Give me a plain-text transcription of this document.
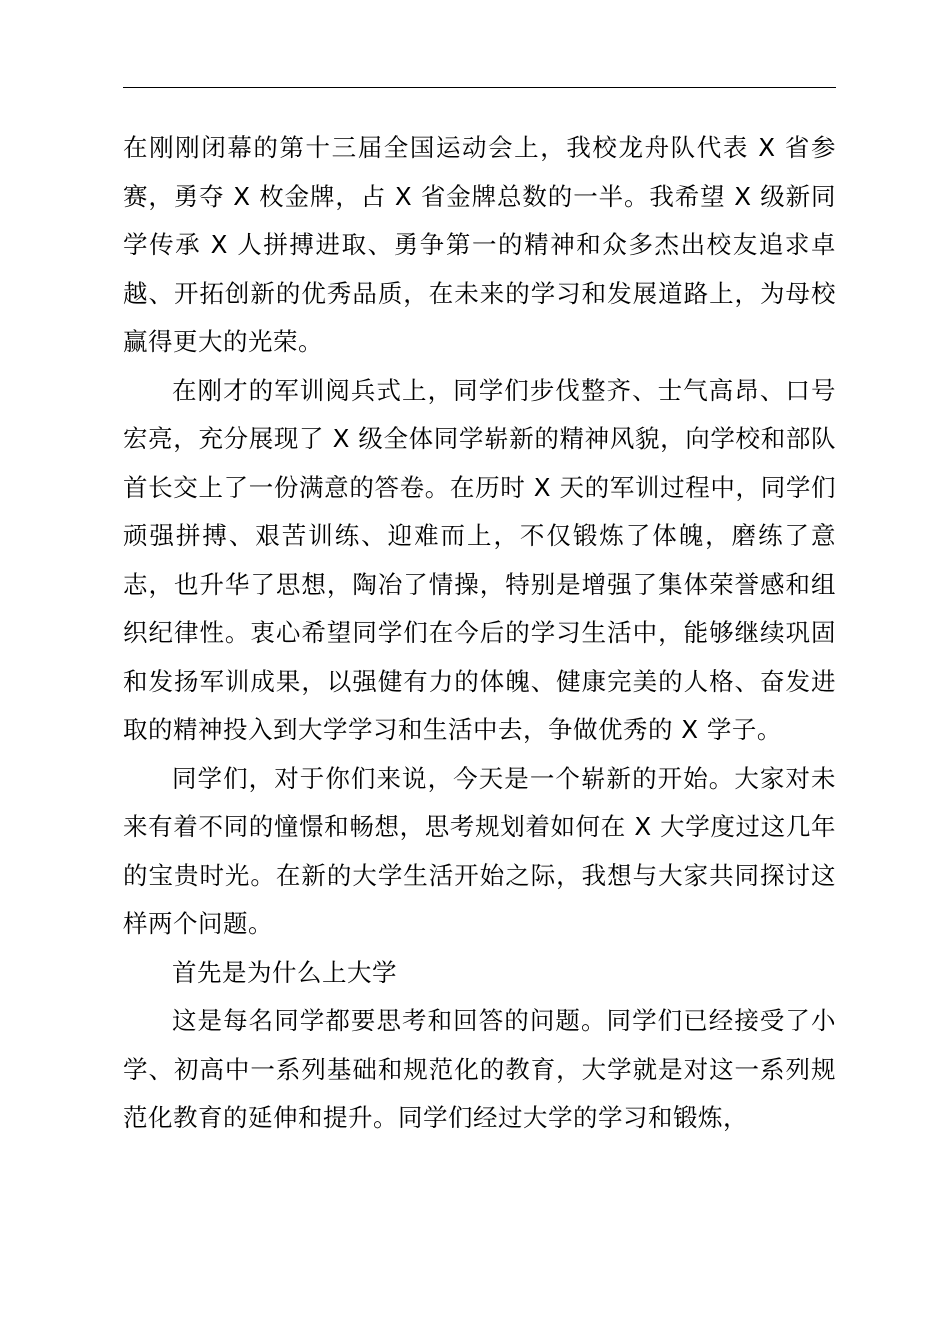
在刚刚闭幕的第十三届全国运动会上，我校龙舟队代表 X 省参赛，勇夺 X 枚金牌，占 X 省金牌总数的一半。我希望 X 级新同学传承 X 人拼搏进取、勇争第一的精神和众多杰出校友追求卓越、开拓创新的优秀品质，在未来的学习和发展道路上，为母校赢得更大的光荣。

在刚才的军训阅兵式上，同学们步伐整齐、士气高昂、口号宏亮，充分展现了 X 级全体同学崭新的精神风貌，向学校和部队首长交上了一份满意的答卷。在历时 X 天的军训过程中，同学们顽强拼搏、艰苦训练、迎难而上，不仅锻炼了体魄，磨练了意志，也升华了思想，陶冶了情操，特别是增强了集体荣誉感和组织纪律性。衷心希望同学们在今后的学习生活中，能够继续巩固和发扬军训成果，以强健有力的体魄、健康完美的人格、奋发进取的精神投入到大学学习和生活中去，争做优秀的 X 学子。

同学们，对于你们来说，今天是一个崭新的开始。大家对未来有着不同的憧憬和畅想，思考规划着如何在 X 大学度过这几年的宝贵时光。在新的大学生活开始之际，我想与大家共同探讨这样两个问题。

首先是为什么上大学

这是每名同学都要思考和回答的问题。同学们已经接受了小学、初高中一系列基础和规范化的教育，大学就是对这一系列规范化教育的延伸和提升。同学们经过大学的学习和锻炼，
